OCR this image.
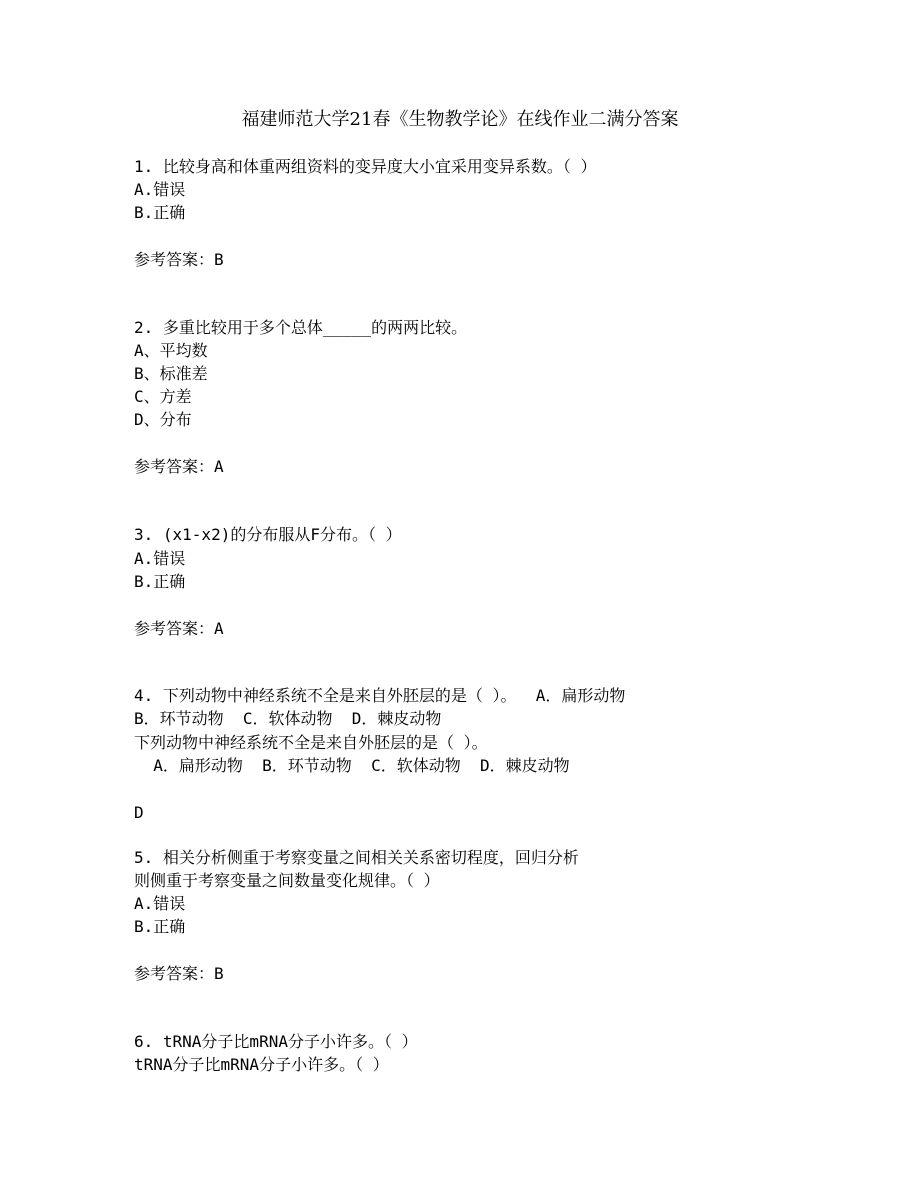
福建师范大学21春《生物教学论》在线作业二满分答案
1. 比较身高和体重两组资料的变异度大小宜采用变异系数。（ ）
A.错误
B.正确
参考答案：B
2. 多重比较用于多个总体_____的两两比较。
A、平均数
B、标准差
C、方差
D、分布
参考答案：A
3. (x1-x2)的分布服从F分布。（ ）
A.错误
B.正确
参考答案：A
4. 下列动物中神经系统不全是来自外胚层的是（ ）。  A．扁形动物
B．环节动物  C．软体动物  D．棘皮动物
下列动物中神经系统不全是来自外胚层的是（ ）。
A．扁形动物  B．环节动物  C．软体动物  D．棘皮动物
D
5. 相关分析侧重于考察变量之间相关关系密切程度，回归分析
则侧重于考察变量之间数量变化规律。（ ）
A.错误
B.正确
参考答案：B
6. tRNA分子比mRNA分子小许多。（ ）
tRNA分子比mRNA分子小许多。（ ）
